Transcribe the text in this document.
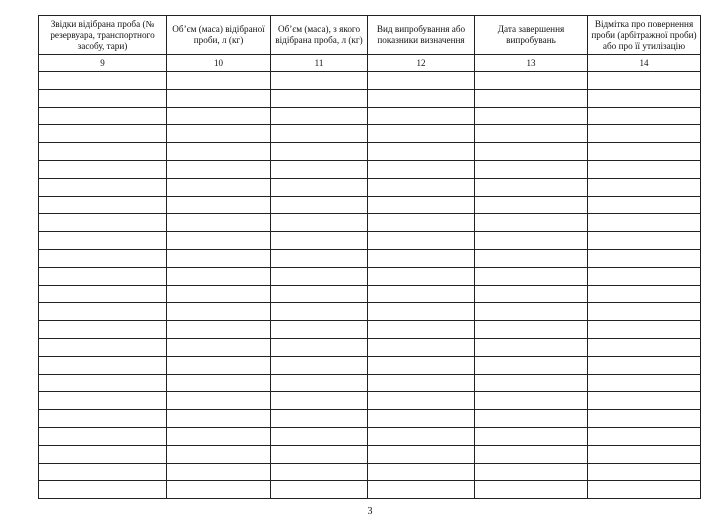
Звідки відібрана проба (№ резервуара, транспортного засобу, тари)	Об’єм (маса) відібраної проби, л (кг)	Об’єм (маса), з якого відібрана проба, л (кг)	Вид випробування або показники визначення	Дата завершення випробувань	Відмітка про повернення проби (арбітражної проби) або про її утилізацію
9	10	11	12	13	14

3
